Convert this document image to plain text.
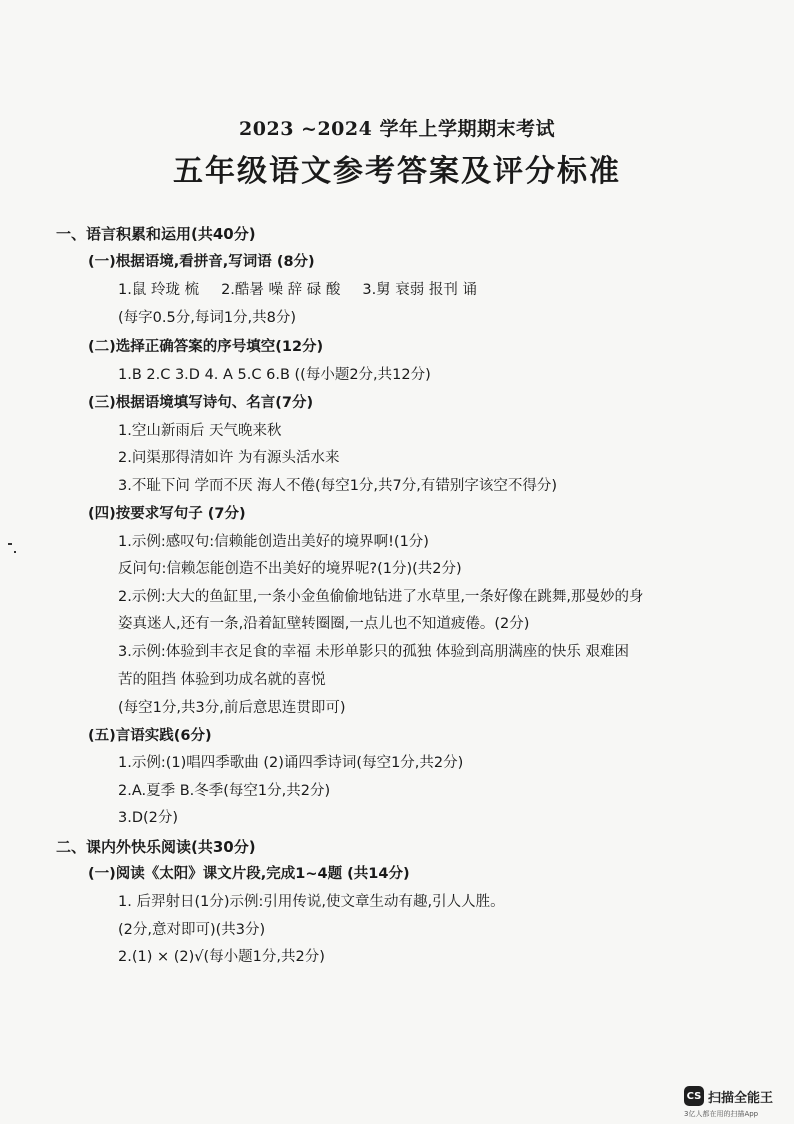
2023 ~2024 学年上学期期末考试
五年级语文参考答案及评分标准
一、语言积累和运用(共40分)
(一)根据语境,看拼音,写词语 (8分)
1.鼠 玲珑 梳 2.酷暑 噪 辞 碌 酸 3.舅 衰弱 报刊 诵
(每字0.5分,每词1分,共8分)
(二)选择正确答案的序号填空(12分)
1.B 2.C 3.D 4. A 5.C 6.B ((每小题2分,共12分)
(三)根据语境填写诗句、名言(7分)
1.空山新雨后 天气晚来秋
2.问渠那得清如许 为有源头活水来
3.不耻下问 学而不厌 海人不倦(每空1分,共7分,有错别字该空不得分)
(四)按要求写句子 (7分)
1.示例:感叹句:信赖能创造出美好的境界啊!(1分)
反问句:信赖怎能创造不出美好的境界呢?(1分)(共2分)
2.示例:大大的鱼缸里,一条小金鱼偷偷地钻进了水草里,一条好像在跳舞,那曼妙的身
姿真迷人,还有一条,沿着缸壁转圈圈,一点儿也不知道疲倦。(2分)
3.示例:体验到丰衣足食的幸福 未形单影只的孤独 体验到高朋满座的快乐 艰难困
苦的阻挡 体验到功成名就的喜悦
(每空1分,共3分,前后意思连贯即可)
(五)言语实践(6分)
1.示例:(1)唱四季歌曲 (2)诵四季诗词(每空1分,共2分)
2.A.夏季 B.冬季(每空1分,共2分)
3.D(2分)
二、课内外快乐阅读(共30分)
(一)阅读《太阳》课文片段,完成1~4题 (共14分)
1. 后羿射日(1分)示例:引用传说,使文章生动有趣,引人人胜。
(2分,意对即可)(共3分)
2.(1) × (2)√(每小题1分,共2分)
CS 扫描全能王
3亿人都在用的扫描App
